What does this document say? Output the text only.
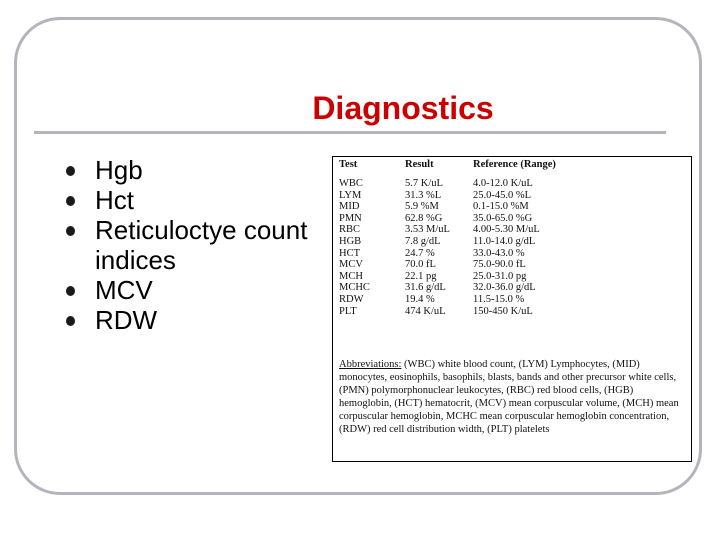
Diagnostics
Hgb
Hct
Reticuloctye count
indices
MCV
RDW
Test	Result	Reference (Range)
WBC	5.7 K/uL	4.0-12.0 K/uL
LYM	31.3 %L	25.0-45.0 %L
MID	5.9 %M	0.1-15.0 %M
PMN	62.8 %G	35.0-65.0 %G
RBC	3.53 M/uL	4.00-5.30 M/uL
HGB	7.8 g/dL	11.0-14.0 g/dL
HCT	24.7 %	33.0-43.0 %
MCV	70.0 fL	75.0-90.0 fL
MCH	22.1 pg	25.0-31.0 pg
MCHC	31.6 g/dL	32.0-36.0 g/dL
RDW	19.4 %	11.5-15.0 %
PLT	474 K/uL	150-450 K/uL
Abbreviations: (WBC) white blood count, (LYM) Lymphocytes, (MID) monocytes, eosinophils, basophils, blasts, bands and other precursor white cells, (PMN) polymorphonuclear leukocytes, (RBC) red blood cells, (HGB) hemoglobin, (HCT) hematocrit, (MCV) mean corpuscular volume, (MCH) mean corpuscular hemoglobin, MCHC mean corpuscular hemoglobin concentration, (RDW) red cell distribution width, (PLT) platelets
